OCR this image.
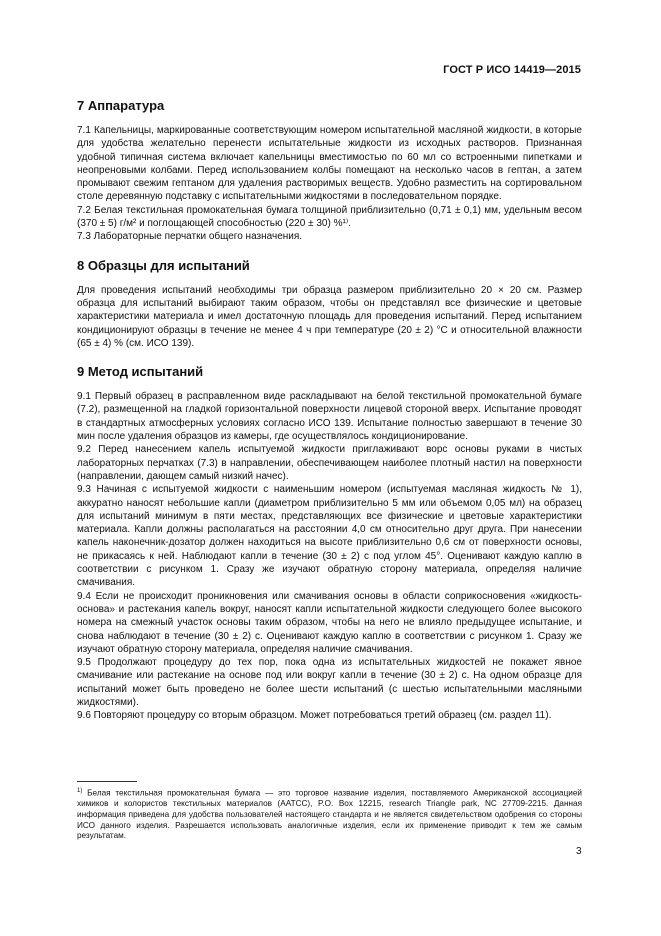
ГОСТ Р ИСО 14419—2015
7 Аппаратура

7.1 Капельницы, маркированные соответствующим номером испытательной масляной жидкости, в которые для удобства желательно перенести испытательные жидкости из исходных растворов. Признанная удобной типичная система включает капельницы вместимостью по 60 мл со встроенными пипетками и неопреновыми колбами. Перед использованием колбы помещают на несколько часов в гептан, а затем промывают свежим гептаном для удаления растворимых веществ. Удобно разместить на сортировальном столе деревянную подставку с испытательными жидкостями в последовательном порядке.

7.2 Белая текстильная промокательная бумага толщиной приблизительно (0,71 ± 0,1) мм, удельным весом (370 ± 5) г/м² и поглощающей способностью (220 ± 30) %¹⁾.

7.3 Лабораторные перчатки общего назначения.

8 Образцы для испытаний

Для проведения испытаний необходимы три образца размером приблизительно 20 × 20 см. Размер образца для испытаний выбирают таким образом, чтобы он представлял все физические и цветовые характеристики материала и имел достаточную площадь для проведения испытаний. Перед испытанием кондиционируют образцы в течение не менее 4 ч при температуре (20 ± 2) °С и относительной влажности (65 ± 4) % (см. ИСО 139).

9 Метод испытаний

9.1 Первый образец в расправленном виде раскладывают на белой текстильной промокательной бумаге (7.2), размещенной на гладкой горизонтальной поверхности лицевой стороной вверх. Испытание проводят в стандартных атмосферных условиях согласно ИСО 139. Испытание полностью завершают в течение 30 мин после удаления образцов из камеры, где осуществлялось кондиционирование.

9.2 Перед нанесением капель испытуемой жидкости приглаживают ворс основы руками в чистых лабораторных перчатках (7.3) в направлении, обеспечивающем наиболее плотный настил на поверхности (направлении, дающем самый низкий начес).

9.3 Начиная с испытуемой жидкости с наименьшим номером (испытуемая масляная жидкость № 1), аккуратно наносят небольшие капли (диаметром приблизительно 5 мм или объемом 0,05 мл) на образец для испытаний минимум в пяти местах, представляющих все физические и цветовые характеристики материала. Капли должны располагаться на расстоянии 4,0 см относительно друг друга. При нанесении капель наконечник-дозатор должен находиться на высоте приблизительно 0,6 см от поверхности основы, не прикасаясь к ней. Наблюдают капли в течение (30 ± 2) с под углом 45°. Оценивают каждую каплю в соответствии с рисунком 1. Сразу же изучают обратную сторону материала, определяя наличие смачивания.

9.4 Если не происходит проникновения или смачивания основы в области соприкосновения «жидкость-основа» и растекания капель вокруг, наносят капли испытательной жидкости следующего более высокого номера на смежный участок основы таким образом, чтобы на него не влияло предыдущее испытание, и снова наблюдают в течение (30 ± 2) с. Оценивают каждую каплю в соответствии с рисунком 1. Сразу же изучают обратную сторону материала, определяя наличие смачивания.

9.5 Продолжают процедуру до тех пор, пока одна из испытательных жидкостей не покажет явное смачивание или растекание на основе под или вокруг капли в течение (30 ± 2) с. На одном образце для испытаний может быть проведено не более шести испытаний (с шестью испытательными масляными жидкостями).

9.6 Повторяют процедуру со вторым образцом. Может потребоваться третий образец (см. раздел 11).

$^{1)}$ Белая текстильная промокательная бумага — это торговое название изделия, поставляемого Американской ассоциацией химиков и колористов текстильных материалов (AATCC), P.O. Box 12215, research Triangle park, NC 27709-2215. Данная информация приведена для удобства пользователей настоящего стандарта и не является свидетельством одобрения со стороны ИСО данного изделия. Разрешается использовать аналогичные изделия, если их применение приводит к тем же самым результатам.
3
